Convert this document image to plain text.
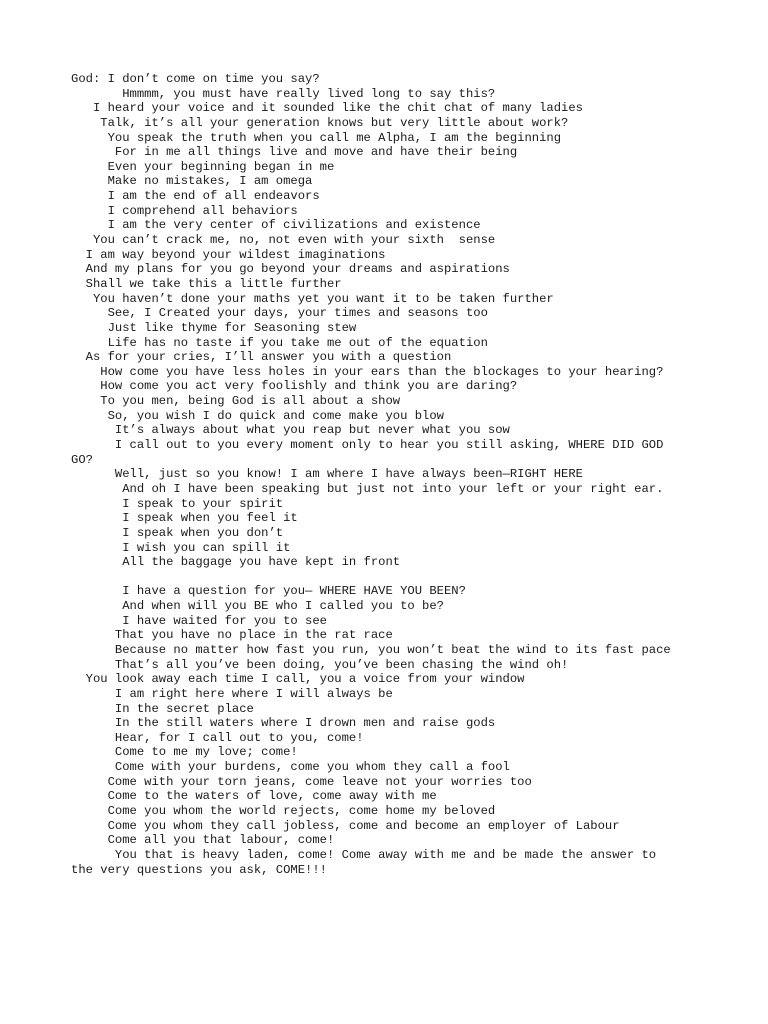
God: I don’t come on time you say?
Hmmmm, you must have really lived long to say this?
I heard your voice and it sounded like the chit chat of many ladies
Talk, it’s all your generation knows but very little about work?
You speak the truth when you call me Alpha, I am the beginning
For in me all things live and move and have their being
Even your beginning began in me
Make no mistakes, I am omega
I am the end of all endeavors
I comprehend all behaviors
I am the very center of civilizations and existence
You can’t crack me, no, not even with your sixth  sense
I am way beyond your wildest imaginations
And my plans for you go beyond your dreams and aspirations
Shall we take this a little further
You haven’t done your maths yet you want it to be taken further
See, I Created your days, your times and seasons too
Just like thyme for Seasoning stew
Life has no taste if you take me out of the equation
As for your cries, I’ll answer you with a question
How come you have less holes in your ears than the blockages to your hearing?
How come you act very foolishly and think you are daring?
To you men, being God is all about a show
So, you wish I do quick and come make you blow
It’s always about what you reap but never what you sow
I call out to you every moment only to hear you still asking, WHERE DID GOD
GO?
Well, just so you know! I am where I have always been—RIGHT HERE
And oh I have been speaking but just not into your left or your right ear.
I speak to your spirit
I speak when you feel it
I speak when you don’t
I wish you can spill it
All the baggage you have kept in front
I have a question for you— WHERE HAVE YOU BEEN?
And when will you BE who I called you to be?
I have waited for you to see
That you have no place in the rat race
Because no matter how fast you run, you won’t beat the wind to its fast pace
That’s all you’ve been doing, you’ve been chasing the wind oh!
You look away each time I call, you a voice from your window
I am right here where I will always be
In the secret place
In the still waters where I drown men and raise gods
Hear, for I call out to you, come!
Come to me my love; come!
Come with your burdens, come you whom they call a fool
Come with your torn jeans, come leave not your worries too
Come to the waters of love, come away with me
Come you whom the world rejects, come home my beloved
Come you whom they call jobless, come and become an employer of Labour
Come all you that labour, come!
You that is heavy laden, come! Come away with me and be made the answer to
the very questions you ask, COME!!!
